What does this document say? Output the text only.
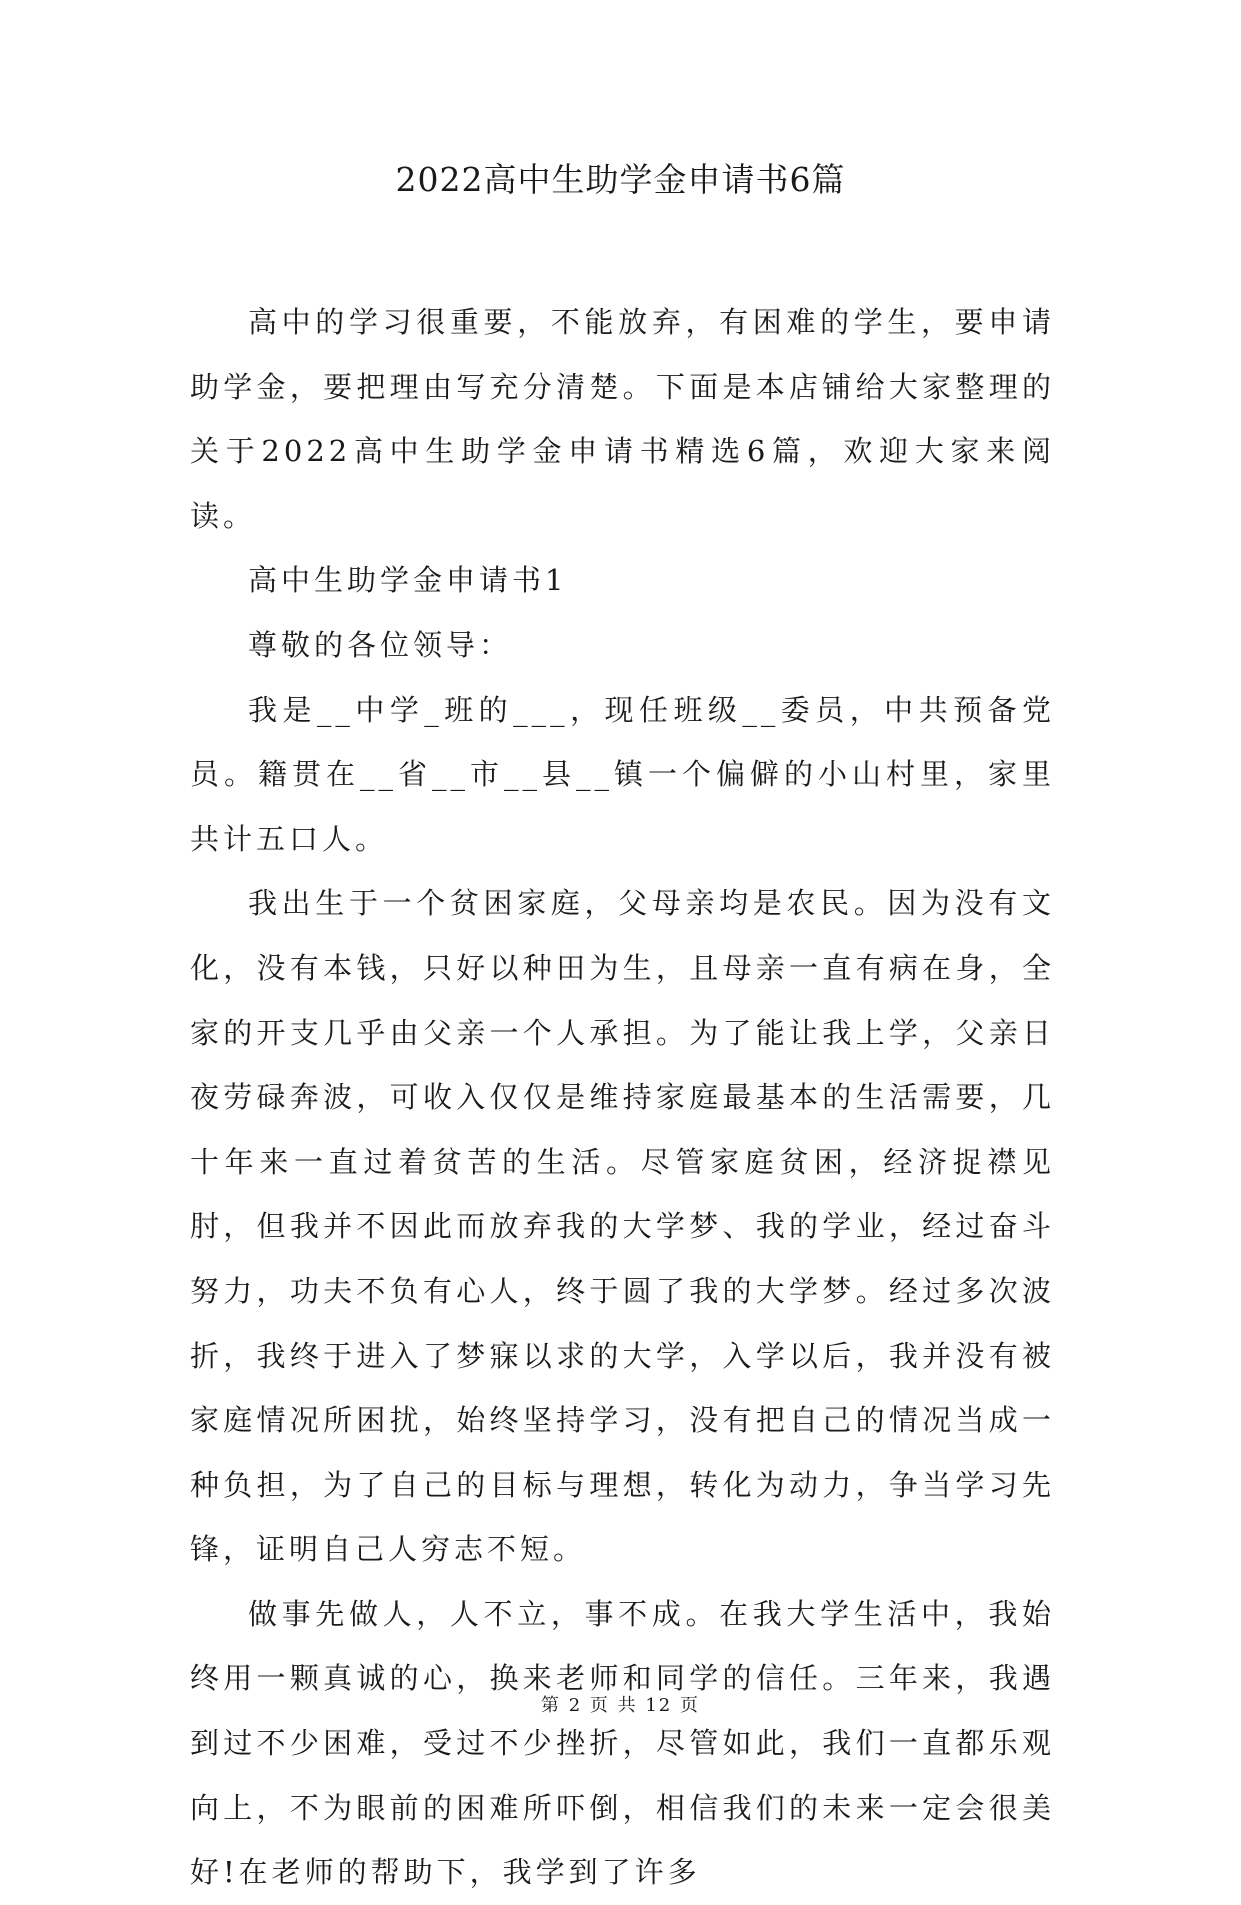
2022高中生助学金申请书6篇

高中的学习很重要，不能放弃，有困难的学生，要申请助学金，要把理由写充分清楚。下面是本店铺给大家整理的关于2022高中生助学金申请书精选6篇，欢迎大家来阅读。

高中生助学金申请书1

尊敬的各位领导：

我是__中学_班的___，现任班级__委员，中共预备党员。籍贯在__省__市__县__镇一个偏僻的小山村里，家里共计五口人。

我出生于一个贫困家庭，父母亲均是农民。因为没有文化，没有本钱，只好以种田为生，且母亲一直有病在身，全家的开支几乎由父亲一个人承担。为了能让我上学，父亲日夜劳碌奔波，可收入仅仅是维持家庭最基本的生活需要，几十年来一直过着贫苦的生活。尽管家庭贫困，经济捉襟见肘，但我并不因此而放弃我的大学梦、我的学业，经过奋斗努力，功夫不负有心人，终于圆了我的大学梦。经过多次波折，我终于进入了梦寐以求的大学，入学以后，我并没有被家庭情况所困扰，始终坚持学习，没有把自己的情况当成一种负担，为了自己的目标与理想，转化为动力，争当学习先锋，证明自己人穷志不短。

做事先做人，人不立，事不成。在我大学生活中，我始终用一颗真诚的心，换来老师和同学的信任。三年来，我遇到过不少困难，受过不少挫折，尽管如此，我们一直都乐观向上，不为眼前的困难所吓倒，相信我们的未来一定会很美好!在老师的帮助下，我学到了许多

第 2 页 共 12 页
